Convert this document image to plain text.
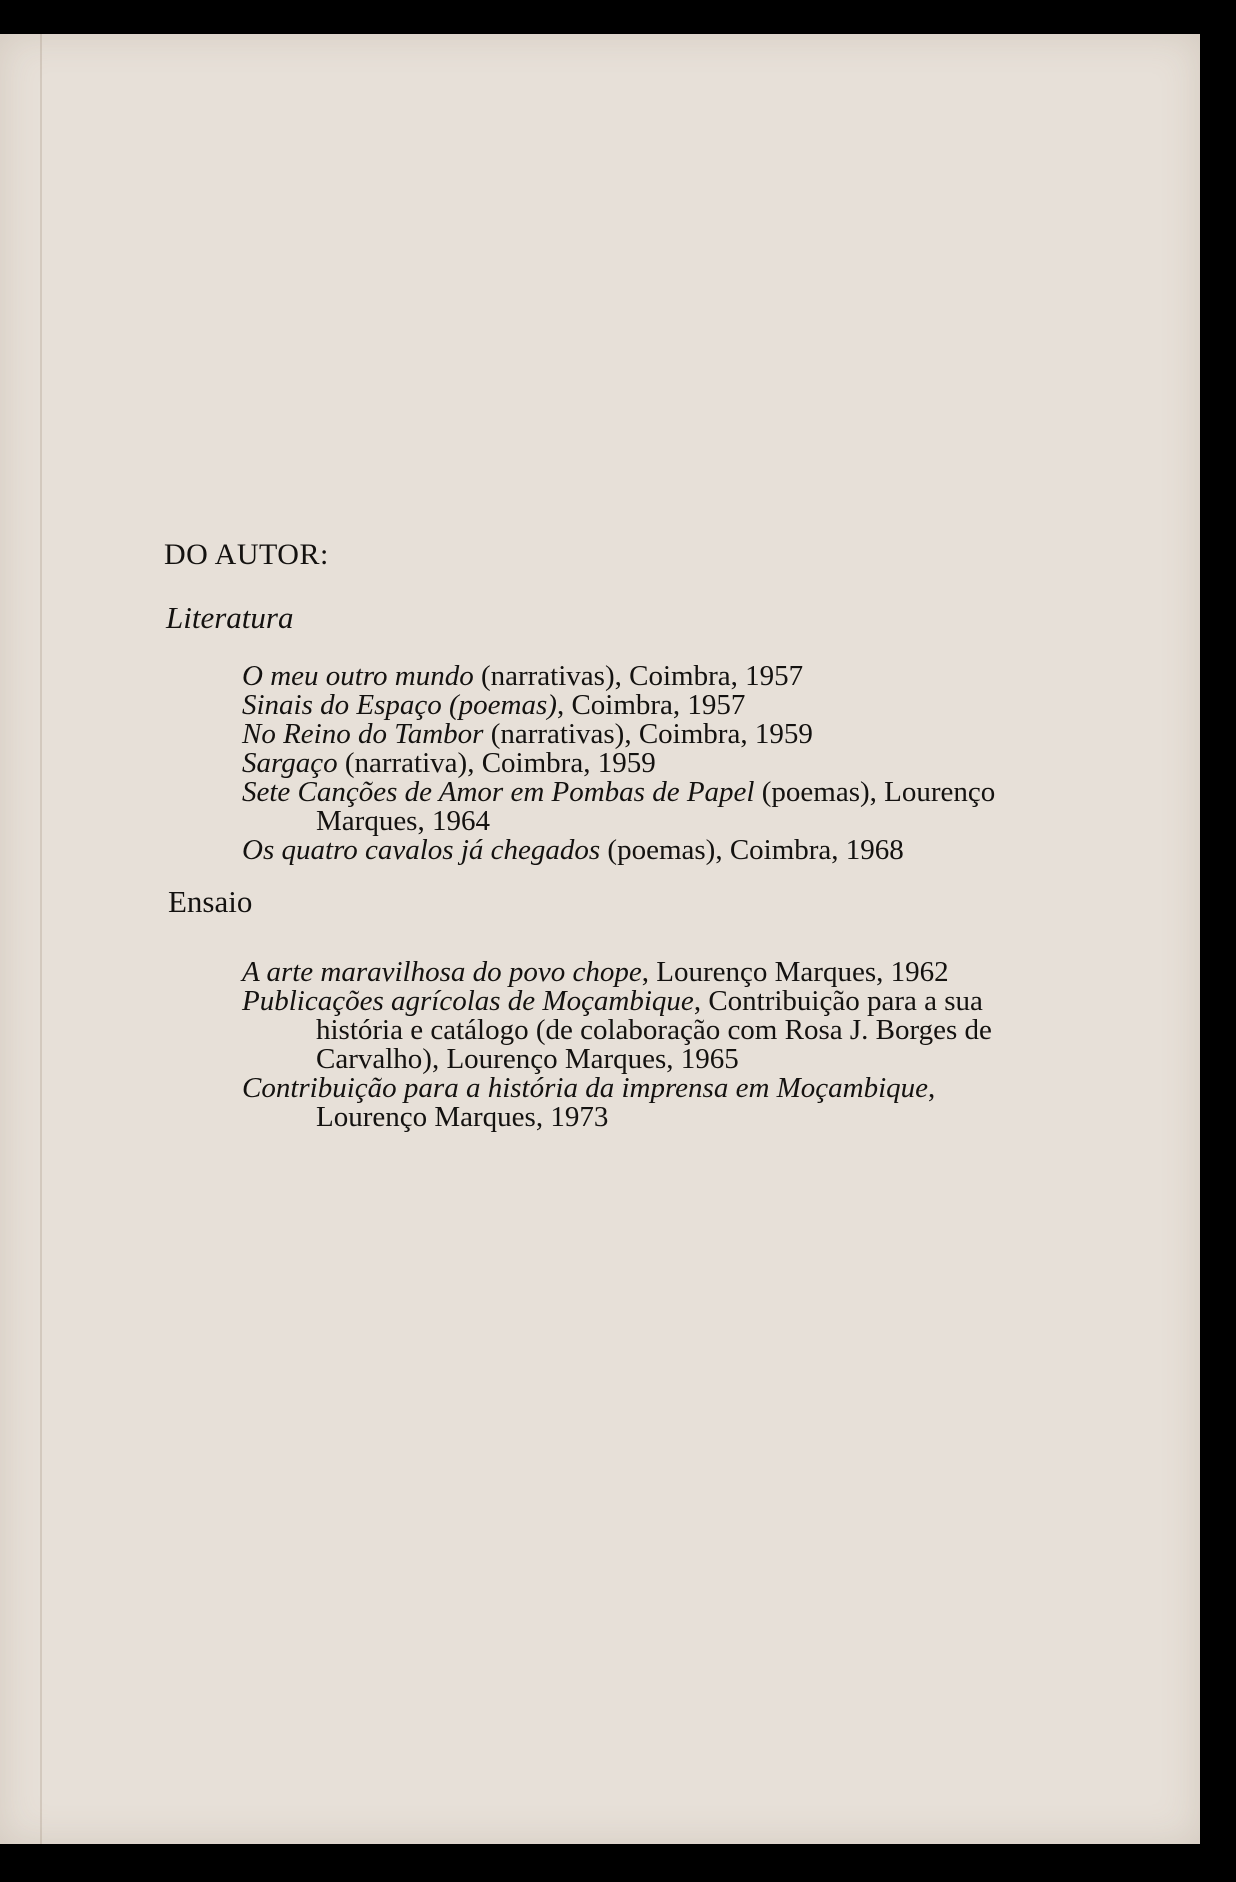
DO AUTOR:
Literatura
O meu outro mundo (narrativas), Coimbra, 1957
Sinais do Espaço (poemas), Coimbra, 1957
No Reino do Tambor (narrativas), Coimbra, 1959
Sargaço (narrativa), Coimbra, 1959
Sete Canções de Amor em Pombas de Papel (poemas), Lourenço Marques, 1964
Os quatro cavalos já chegados (poemas), Coimbra, 1968
Ensaio
A arte maravilhosa do povo chope, Lourenço Marques, 1962
Publicações agrícolas de Moçambique, Contribuição para a sua história e catálogo (de colaboração com Rosa J. Borges de Carvalho), Lourenço Marques, 1965
Contribuição para a história da imprensa em Moçambique, Lourenço Marques, 1973
